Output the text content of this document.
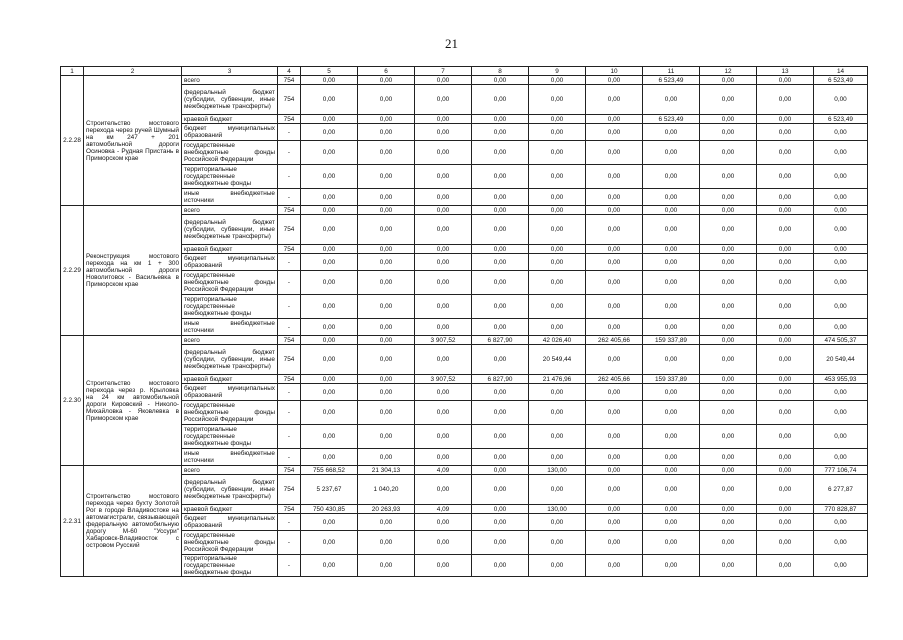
21
1	2	3	4	5	6	7	8	9	10	11	12	13	14
2.2.28	Строительство мостового перехода через ручей Шумный на км 247 + 201 автомобильной дороги Осиновка - Рудная Пристань в Приморском крае	всего	754	0,00	0,00	0,00	0,00	0,00	0,00	6 523,49	0,00	0,00	6 523,49
		федеральный бюджет (субсидии, субвенции, иные межбюджетные трансферты)	754	0,00	0,00	0,00	0,00	0,00	0,00	0,00	0,00	0,00	0,00
		краевой бюджет	754	0,00	0,00	0,00	0,00	0,00	0,00	6 523,49	0,00	0,00	6 523,49
		бюджет муниципальных образований	-	0,00	0,00	0,00	0,00	0,00	0,00	0,00	0,00	0,00	0,00
		государственные внебюджетные фонды Российской Федерации	-	0,00	0,00	0,00	0,00	0,00	0,00	0,00	0,00	0,00	0,00
		территориальные государственные внебюджетные фонды	-	0,00	0,00	0,00	0,00	0,00	0,00	0,00	0,00	0,00	0,00
		иные внебюджетные источники	-	0,00	0,00	0,00	0,00	0,00	0,00	0,00	0,00	0,00	0,00
2.2.29	Реконструкция мостового перехода на км 1 + 300 автомобильной дороги Новолитовск - Васильевка в Приморском крае	всего	754	0,00	0,00	0,00	0,00	0,00	0,00	0,00	0,00	0,00	0,00
		федеральный бюджет (субсидии, субвенции, иные межбюджетные трансферты)	754	0,00	0,00	0,00	0,00	0,00	0,00	0,00	0,00	0,00	0,00
		краевой бюджет	754	0,00	0,00	0,00	0,00	0,00	0,00	0,00	0,00	0,00	0,00
		бюджет муниципальных образований	-	0,00	0,00	0,00	0,00	0,00	0,00	0,00	0,00	0,00	0,00
		государственные внебюджетные фонды Российской Федерации	-	0,00	0,00	0,00	0,00	0,00	0,00	0,00	0,00	0,00	0,00
		территориальные государственные внебюджетные фонды	-	0,00	0,00	0,00	0,00	0,00	0,00	0,00	0,00	0,00	0,00
		иные внебюджетные источники	-	0,00	0,00	0,00	0,00	0,00	0,00	0,00	0,00	0,00	0,00
2.2.30	Строительство мостового перехода через р. Крыловка на 24 км автомобильной дороги Кировский - Николо-Михайловка - Яковлевка в Приморском крае	всего	754	0,00	0,00	3 907,52	6 827,90	42 026,40	262 405,66	159 337,89	0,00	0,00	474 505,37
		федеральный бюджет (субсидии, субвенции, иные межбюджетные трансферты)	754	0,00	0,00	0,00	0,00	20 549,44	0,00	0,00	0,00	0,00	20 549,44
		краевой бюджет	754	0,00	0,00	3 907,52	6 827,90	21 476,96	262 405,66	159 337,89	0,00	0,00	453 955,93
		бюджет муниципальных образований	-	0,00	0,00	0,00	0,00	0,00	0,00	0,00	0,00	0,00	0,00
		государственные внебюджетные фонды Российской Федерации	-	0,00	0,00	0,00	0,00	0,00	0,00	0,00	0,00	0,00	0,00
		территориальные государственные внебюджетные фонды	-	0,00	0,00	0,00	0,00	0,00	0,00	0,00	0,00	0,00	0,00
		иные внебюджетные источники	-	0,00	0,00	0,00	0,00	0,00	0,00	0,00	0,00	0,00	0,00
2.2.31	Строительство мостового перехода через бухту Золотой Рог в городе Владивостоке на автомагистрали, связывающей федеральную автомобильную дорогу М-60 "Уссури" Хабаровск-Владивосток с островом Русский	всего	754	755 668,52	21 304,13	4,09	0,00	130,00	0,00	0,00	0,00	0,00	777 106,74
		федеральный бюджет (субсидии, субвенции, иные межбюджетные трансферты)	754	5 237,67	1 040,20	0,00	0,00	0,00	0,00	0,00	0,00	0,00	6 277,87
		краевой бюджет	754	750 430,85	20 263,93	4,09	0,00	130,00	0,00	0,00	0,00	0,00	770 828,87
		бюджет муниципальных образований	-	0,00	0,00	0,00	0,00	0,00	0,00	0,00	0,00	0,00	0,00
		государственные внебюджетные фонды Российской Федерации	-	0,00	0,00	0,00	0,00	0,00	0,00	0,00	0,00	0,00	0,00
		территориальные государственные внебюджетные фонды	-	0,00	0,00	0,00	0,00	0,00	0,00	0,00	0,00	0,00	0,00
